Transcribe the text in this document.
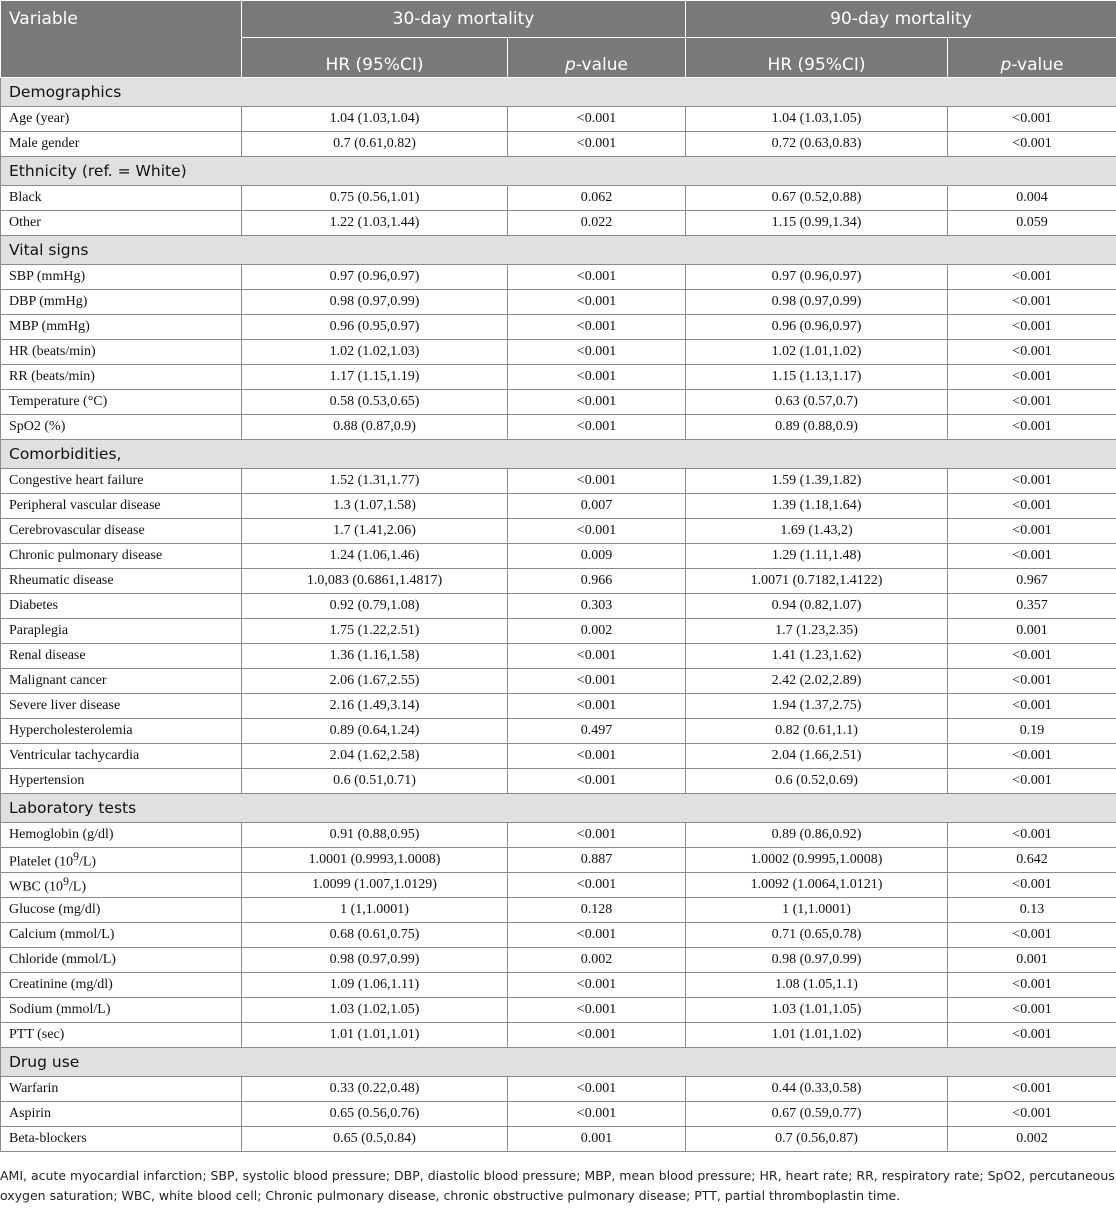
Variable	30-day mortality		90-day mortality	
	HR (95%CI)	p-value	HR (95%CI)	p-value
Demographics				
Age (year)	1.04 (1.03,1.04)	<0.001	1.04 (1.03,1.05)	<0.001
Male gender	0.7 (0.61,0.82)	<0.001	0.72 (0.63,0.83)	<0.001
Ethnicity (ref. = White)				
Black	0.75 (0.56,1.01)	0.062	0.67 (0.52,0.88)	0.004
Other	1.22 (1.03,1.44)	0.022	1.15 (0.99,1.34)	0.059
Vital signs				
SBP (mmHg)	0.97 (0.96,0.97)	<0.001	0.97 (0.96,0.97)	<0.001
DBP (mmHg)	0.98 (0.97,0.99)	<0.001	0.98 (0.97,0.99)	<0.001
MBP (mmHg)	0.96 (0.95,0.97)	<0.001	0.96 (0.96,0.97)	<0.001
HR (beats/min)	1.02 (1.02,1.03)	<0.001	1.02 (1.01,1.02)	<0.001
RR (beats/min)	1.17 (1.15,1.19)	<0.001	1.15 (1.13,1.17)	<0.001
Temperature (°C)	0.58 (0.53,0.65)	<0.001	0.63 (0.57,0.7)	<0.001
SpO2 (%)	0.88 (0.87,0.9)	<0.001	0.89 (0.88,0.9)	<0.001
Comorbidities,				
Congestive heart failure	1.52 (1.31,1.77)	<0.001	1.59 (1.39,1.82)	<0.001
Peripheral vascular disease	1.3 (1.07,1.58)	0.007	1.39 (1.18,1.64)	<0.001
Cerebrovascular disease	1.7 (1.41,2.06)	<0.001	1.69 (1.43,2)	<0.001
Chronic pulmonary disease	1.24 (1.06,1.46)	0.009	1.29 (1.11,1.48)	<0.001
Rheumatic disease	1.0,083 (0.6861,1.4817)	0.966	1.0071 (0.7182,1.4122)	0.967
Diabetes	0.92 (0.79,1.08)	0.303	0.94 (0.82,1.07)	0.357
Paraplegia	1.75 (1.22,2.51)	0.002	1.7 (1.23,2.35)	0.001
Renal disease	1.36 (1.16,1.58)	<0.001	1.41 (1.23,1.62)	<0.001
Malignant cancer	2.06 (1.67,2.55)	<0.001	2.42 (2.02,2.89)	<0.001
Severe liver disease	2.16 (1.49,3.14)	<0.001	1.94 (1.37,2.75)	<0.001
Hypercholesterolemia	0.89 (0.64,1.24)	0.497	0.82 (0.61,1.1)	0.19
Ventricular tachycardia	2.04 (1.62,2.58)	<0.001	2.04 (1.66,2.51)	<0.001
Hypertension	0.6 (0.51,0.71)	<0.001	0.6 (0.52,0.69)	<0.001
Laboratory tests				
Hemoglobin (g/dl)	0.91 (0.88,0.95)	<0.001	0.89 (0.86,0.92)	<0.001
Platelet $(10^9/L)$	1.0001 (0.9993,1.0008)	0.887	1.0002 (0.9995,1.0008)	0.642
WBC $(10^9/L)$	1.0099 (1.007,1.0129)	<0.001	1.0092 (1.0064,1.0121)	<0.001
Glucose (mg/dl)	1 (1,1.0001)	0.128	1 (1,1.0001)	0.13
Calcium (mmol/L)	0.68 (0.61,0.75)	<0.001	0.71 (0.65,0.78)	<0.001
Chloride (mmol/L)	0.98 (0.97,0.99)	0.002	0.98 (0.97,0.99)	0.001
Creatinine (mg/dl)	1.09 (1.06,1.11)	<0.001	1.08 (1.05,1.1)	<0.001
Sodium (mmol/L)	1.03 (1.02,1.05)	<0.001	1.03 (1.01,1.05)	<0.001
PTT (sec)	1.01 (1.01,1.01)	<0.001	1.01 (1.01,1.02)	<0.001
Drug use				
Warfarin	0.33 (0.22,0.48)	<0.001	0.44 (0.33,0.58)	<0.001
Aspirin	0.65 (0.56,0.76)	<0.001	0.67 (0.59,0.77)	<0.001
Beta-blockers	0.65 (0.5,0.84)	0.001	0.7 (0.56,0.87)	0.002
AMI, acute myocardial infarction; SBP, systolic blood pressure; DBP, diastolic blood pressure; MBP, mean blood pressure; HR, heart rate; RR, respiratory rate; SpO2, percutaneous oxygen saturation; WBC, white blood cell; Chronic pulmonary disease, chronic obstructive pulmonary disease; PTT, partial thromboplastin time.
